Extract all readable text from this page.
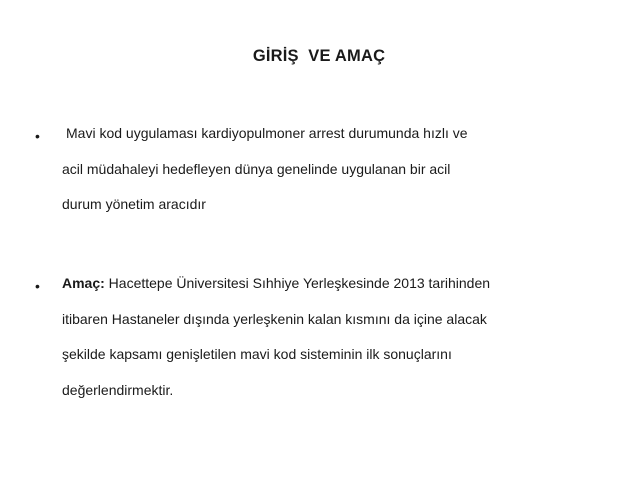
GİRİŞ  VE AMAÇ
• Mavi kod uygulaması kardiyopulmoner arrest durumunda hızlı ve
acil müdahaleyi hedefleyen dünya genelinde uygulanan bir acil
durum yönetim aracıdır
• Amaç: Hacettepe Üniversitesi Sıhhiye Yerleşkesinde 2013 tarihinden
itibaren Hastaneler dışında yerleşkenin kalan kısmını da içine alacak
şekilde kapsamı genişletilen mavi kod sisteminin ilk sonuçlarını
değerlendirmektir.
